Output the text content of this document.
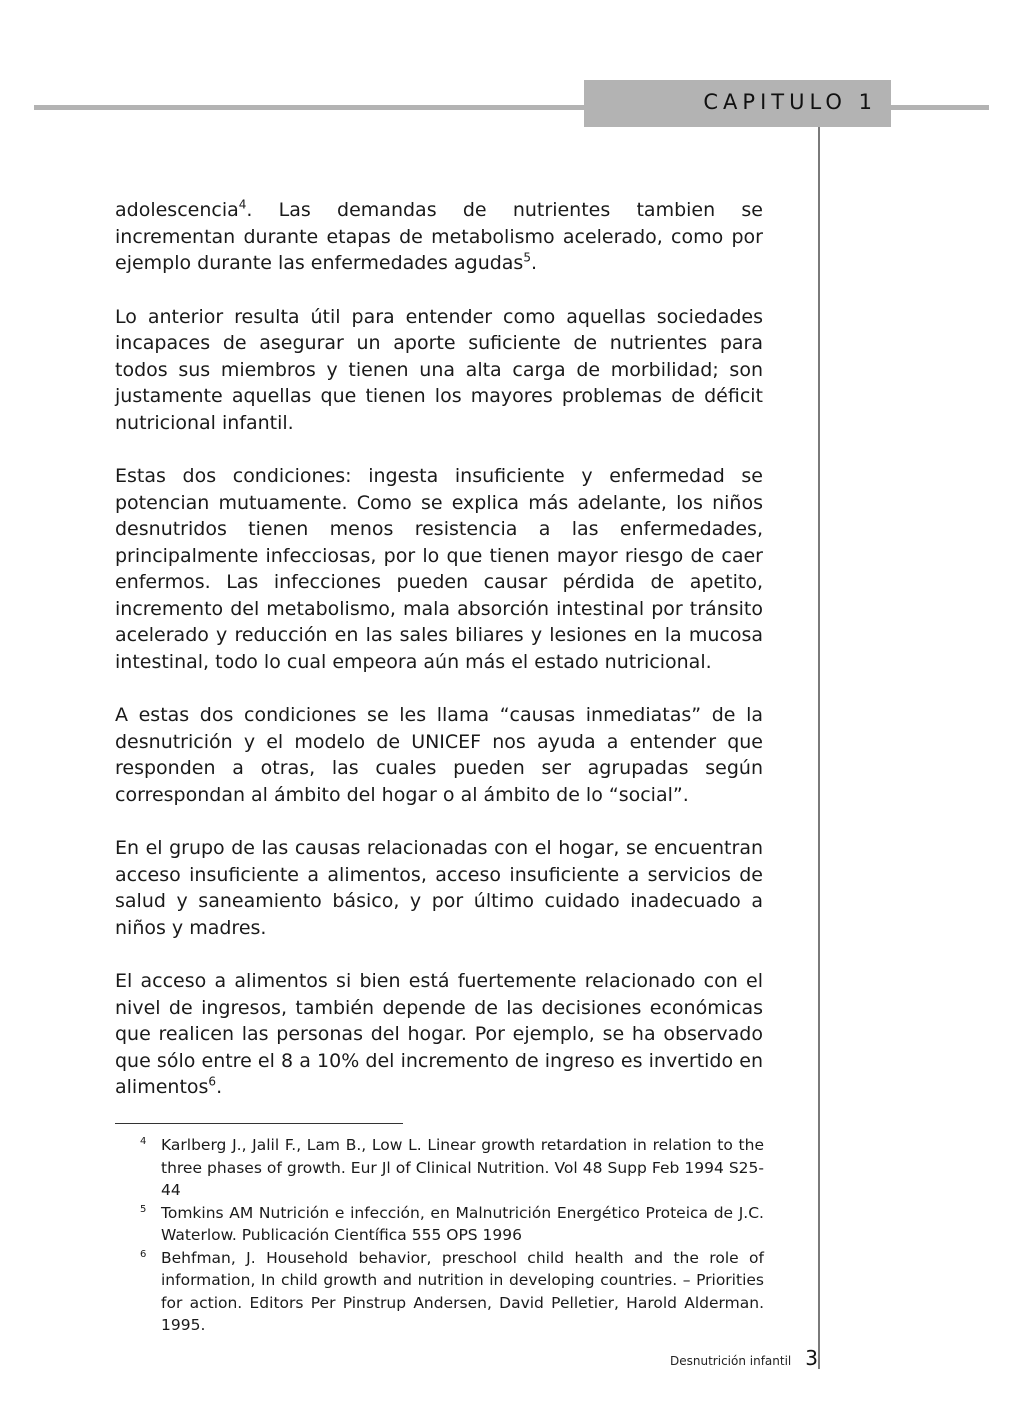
CAPITULO 1

adolescencia$^4$. Las demandas de nutrientes tambien se incrementan durante etapas de metabolismo acelerado, como por ejemplo durante las enfermedades agudas$^5$.

Lo anterior resulta útil para entender como aquellas sociedades incapaces de asegurar un aporte suficiente de nutrientes para todos sus miembros y tienen una alta carga de morbilidad; son justamente aquellas que tienen los mayores problemas de déficit nutricional infantil.

Estas dos condiciones: ingesta insuficiente y enfermedad se potencian mutuamente. Como se explica más adelante, los niños desnutridos tienen menos resistencia a las enfermedades, principalmente infecciosas, por lo que tienen mayor riesgo de caer enfermos. Las infecciones pueden causar pérdida de apetito, incremento del metabolismo, mala absorción intestinal por tránsito acelerado y reducción en las sales biliares y lesiones en la mucosa intestinal, todo lo cual empeora aún más el estado nutricional.

A estas dos condiciones se les llama “causas inmediatas” de la desnutrición y el modelo de UNICEF nos ayuda a entender que responden a otras, las cuales pueden ser agrupadas según correspondan al ámbito del hogar o al ámbito de lo “social”.

En el grupo de las causas relacionadas con el hogar, se encuentran acceso insuficiente a alimentos, acceso insuficiente a servicios de salud y saneamiento básico, y por último cuidado inadecuado a niños y madres.

El acceso a alimentos si bien está fuertemente relacionado con el nivel de ingresos, también depende de las decisiones económicas que realicen las personas del hogar. Por ejemplo, se ha observado que sólo entre el 8 a 10% del incremento de ingreso es invertido en alimentos$^6$.

4 Karlberg J., Jalil F., Lam B., Low L. Linear growth retardation in relation to the three phases of growth. Eur Jl of Clinical Nutrition. Vol 48 Supp Feb 1994 S25-44
5 Tomkins AM Nutrición e infección, en Malnutrición Energético Proteica de J.C. Waterlow. Publicación Científica 555 OPS 1996
6 Behfman, J. Household behavior, preschool child health and the role of information, In child growth and nutrition in developing countries. – Priorities for action. Editors Per Pinstrup Andersen, David Pelletier, Harold Alderman. 1995.
Desnutrición infantil 3
